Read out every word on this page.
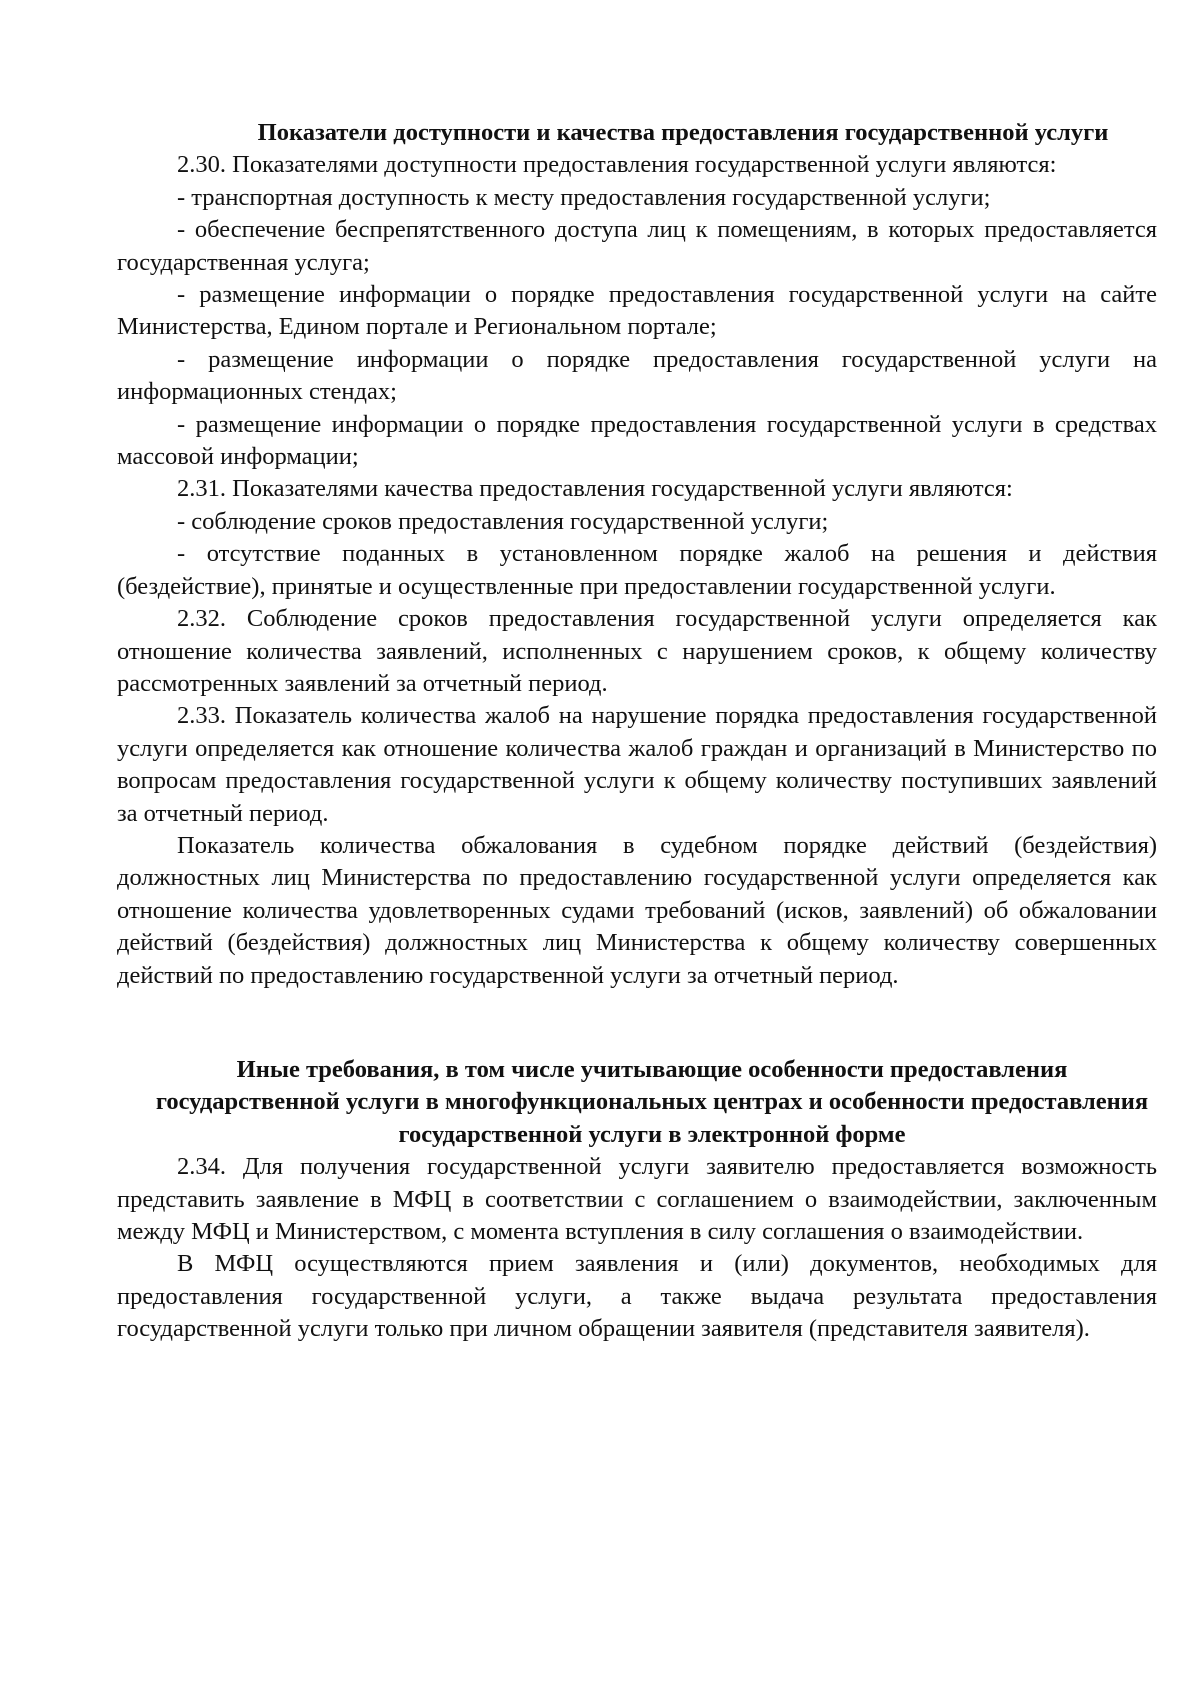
Показатели доступности и качества предоставления государственной услуги

2.30. Показателями доступности предоставления государственной услуги являются:

- транспортная доступность к месту предоставления государственной услуги;

- обеспечение беспрепятственного доступа лиц к помещениям, в которых предоставляется государственная услуга;

- размещение информации о порядке предоставления государственной услуги на сайте Министерства, Едином портале и Региональном портале;

- размещение информации о порядке предоставления государственной услуги на информационных стендах;

- размещение информации о порядке предоставления государственной услуги в средствах массовой информации;

2.31. Показателями качества предоставления государственной услуги являются:

- соблюдение сроков предоставления государственной услуги;

- отсутствие поданных в установленном порядке жалоб на решения и действия (бездействие), принятые и осуществленные при предоставлении государственной услуги.

2.32. Соблюдение сроков предоставления государственной услуги определяется как отношение количества заявлений, исполненных с нарушением сроков, к общему количеству рассмотренных заявлений за отчетный период.

2.33. Показатель количества жалоб на нарушение порядка предоставления государственной услуги определяется как отношение количества жалоб граждан и организаций в Министерство по вопросам предоставления государственной услуги к общему количеству поступивших заявлений за отчетный период.

Показатель количества обжалования в судебном порядке действий (бездействия) должностных лиц Министерства по предоставлению государственной услуги определяется как отношение количества удовлетворенных судами требований (исков, заявлений) об обжаловании действий (бездействия) должностных лиц Министерства к общему количеству совершенных действий по предоставлению государственной услуги за отчетный период.

Иные требования, в том числе учитывающие особенности предоставления государственной услуги в многофункциональных центрах и особенности предоставления государственной услуги в электронной форме

2.34. Для получения государственной услуги заявителю предоставляется возможность представить заявление в МФЦ в соответствии с соглашением о взаимодействии, заключенным между МФЦ и Министерством, с момента вступления в силу соглашения о взаимодействии.

В МФЦ осуществляются прием заявления и (или) документов, необходимых для предоставления государственной услуги, а также выдача результата предоставления государственной услуги только при личном обращении заявителя (представителя заявителя).
